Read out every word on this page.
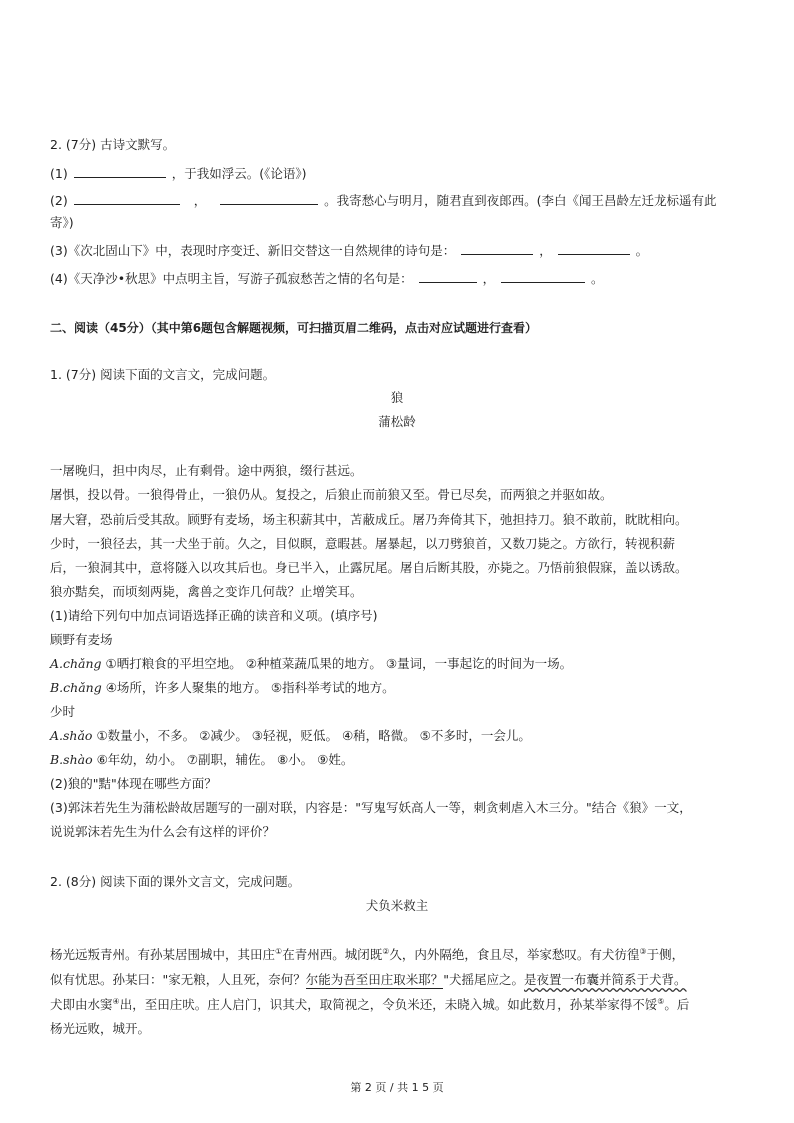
2. (7分) 古诗文默写。
(1)	，于我如浮云。(《论语》)
(2)	，	。我寄愁心与明月，随君直到夜郎西。(李白《闻王昌龄左迁龙标遥有此
寄》)
(3)《次北固山下》中，表现时序变迁、新旧交替这一自然规律的诗句是：	，	。
(4)《天净沙•秋思》中点明主旨，写游子孤寂愁苦之情的名句是：	，	。
二、阅读（45分）（其中第6题包含解题视频，可扫描页眉二维码，点击对应试题进行查看）
1. (7分) 阅读下面的文言文，完成问题。
狼
蒲松龄
一屠晚归，担中肉尽，止有剩骨。途中两狼，缀行甚远。
屠惧，投以骨。一狼得骨止，一狼仍从。复投之，后狼止而前狼又至。骨已尽矣，而两狼之并驱如故。
屠大窘，恐前后受其敌。顾野有麦场，场主积薪其中，苫蔽成丘。屠乃奔倚其下，弛担持刀。狼不敢前，眈眈相向。
少时，一狼径去，其一犬坐于前。久之，目似瞑，意暇甚。屠暴起，以刀劈狼首，又数刀毙之。方欲行，转视积薪
后，一狼洞其中，意将隧入以攻其后也。身已半入，止露尻尾。屠自后断其股，亦毙之。乃悟前狼假寐，盖以诱敌。
狼亦黠矣，而顷刻两毙，禽兽之变诈几何哉？止增笑耳。
(1)请给下列句中加点词语选择正确的读音和义项。(填序号)
顾野有麦场
A.chǎng ①晒打粮食的平坦空地。 ②种植菜蔬瓜果的地方。 ③量词，一事起讫的时间为一场。
B.chǎng ④场所，许多人聚集的地方。 ⑤指科举考试的地方。
少时
A.shǎo ①数量小，不多。 ②减少。 ③轻视，贬低。 ④稍，略微。 ⑤不多时，一会儿。
B.shào ⑥年幼，幼小。 ⑦副职，辅佐。 ⑧小。 ⑨姓。
(2)狼的"黠"体现在哪些方面？
(3)郭沫若先生为蒲松龄故居题写的一副对联，内容是："写鬼写妖高人一等，刺贪刺虐入木三分。"结合《狼》一文，
说说郭沫若先生为什么会有这样的评价？
2. (8分) 阅读下面的课外文言文，完成问题。
犬负米救主
杨光远叛青州。有孙某居围城中，其田庄①在青州西。城闭既②久，内外隔绝，食且尽，举家愁叹。有犬彷徨③于侧，
似有忧思。孙某曰："家无粮，人且死，奈何？尔能为吾至田庄取米耶？"犬摇尾应之。是夜置一布囊并简系于犬背。
犬即由水窦④出，至田庄吠。庄人启门，识其犬，取简视之，令负米还，未晓入城。如此数月，孙某举家得不馁⑤。后
杨光远败，城开。
第 2 页 / 共 1 5 页
